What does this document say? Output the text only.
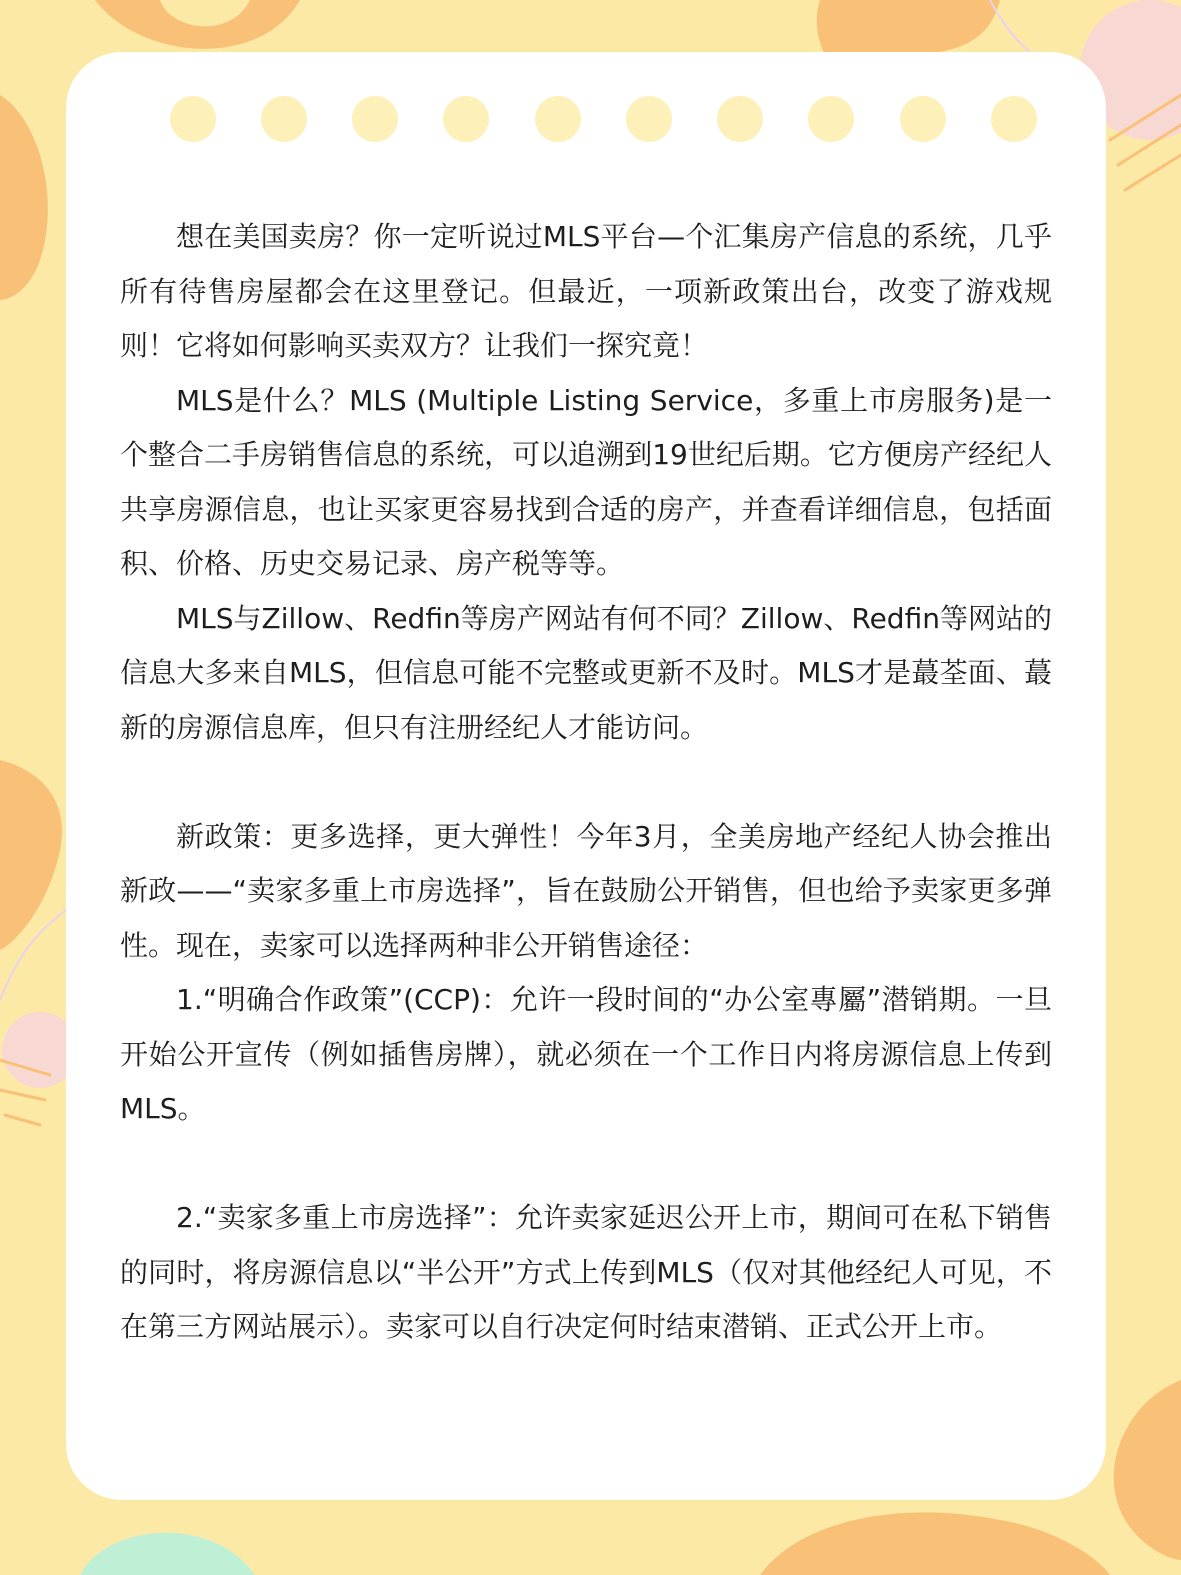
想在美国卖房？你一定听说过MLS平台—个汇集房产信息的系统，几乎所有待售房屋都会在这里登记。但最近，一项新政策出台，改变了游戏规则！它将如何影响买卖双方？让我们一探究竟！

MLS是什么？MLS (Multiple Listing Service，多重上市房服务)是一个整合二手房销售信息的系统，可以追溯到19世纪后期。它方便房产经纪人共享房源信息，也让买家更容易找到合适的房产，并查看详细信息，包括面积、价格、历史交易记录、房产税等等。

MLS与Zillow、Redfin等房产网站有何不同？Zillow、Redfin等网站的信息大多来自MLS，但信息可能不完整或更新不及时。MLS才是蕞荃面、蕞新的房源信息库，但只有注册经纪人才能访问。

新政策：更多选择，更大弹性！今年3月，全美房地产经纪人协会推出新政——“卖家多重上市房选择”，旨在鼓励公开销售，但也给予卖家更多弹性。现在，卖家可以选择两种非公开销售途径：

1.“明确合作政策”(CCP)：允许一段时间的“办公室專屬”潜销期。一旦开始公开宣传（例如插售房牌），就必须在一个工作日内将房源信息上传到MLS。

2.“卖家多重上市房选择”：允许卖家延迟公开上市，期间可在私下销售的同时，将房源信息以“半公开”方式上传到MLS（仅对其他经纪人可见，不在第三方网站展示）。卖家可以自行决定何时结束潜销、正式公开上市。
